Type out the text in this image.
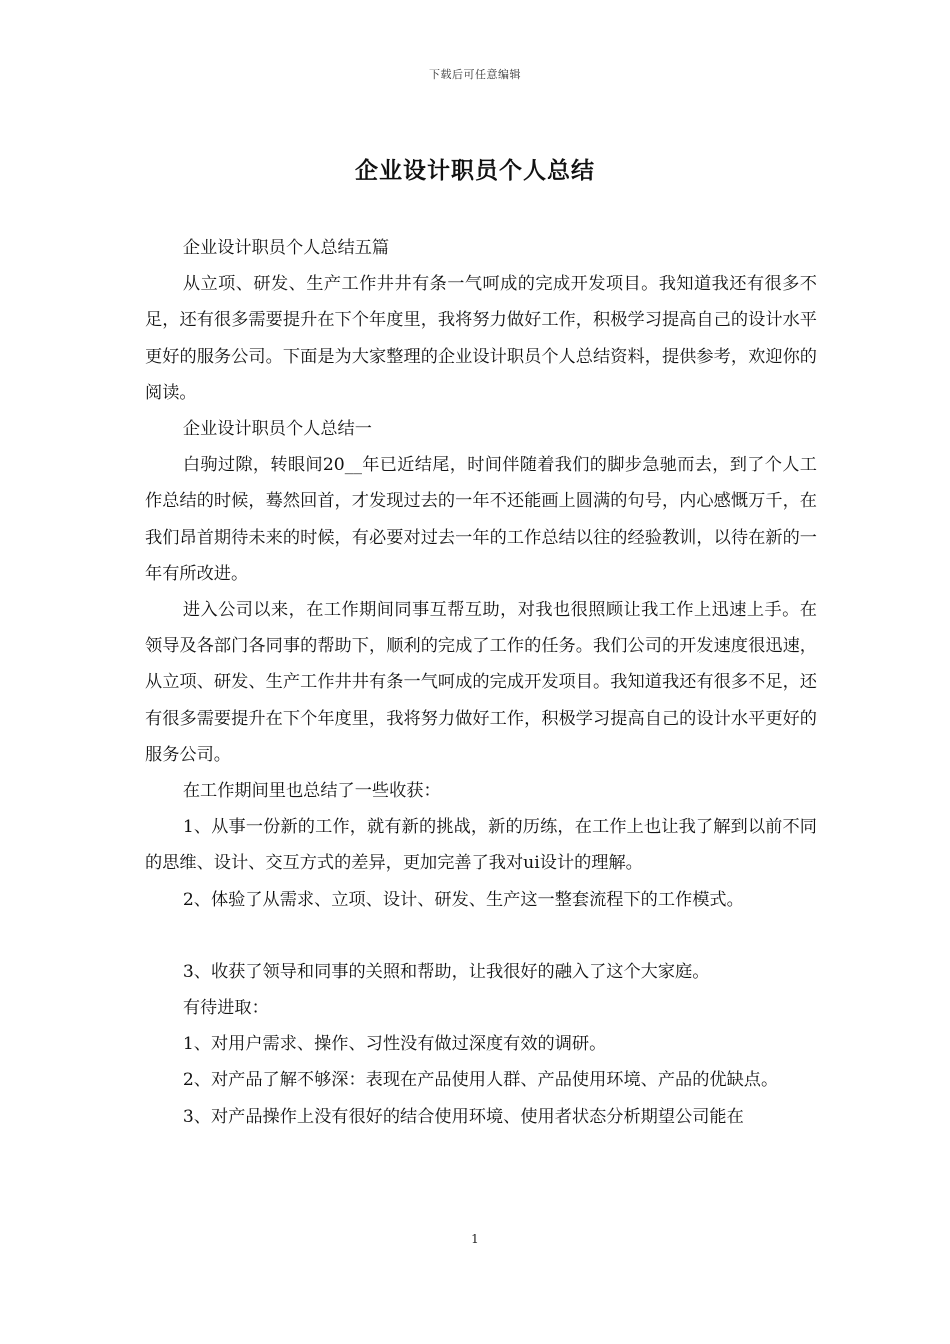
下载后可任意编辑
企业设计职员个人总结

企业设计职员个人总结五篇

从立项、研发、生产工作井井有条一气呵成的完成开发项目。我知道我还有很多不足，还有很多需要提升在下个年度里，我将努力做好工作，积极学习提高自己的设计水平更好的服务公司。下面是为大家整理的企业设计职员个人总结资料，提供参考，欢迎你的阅读。

企业设计职员个人总结一

白驹过隙，转眼间20__年已近结尾，时间伴随着我们的脚步急驰而去，到了个人工作总结的时候，蓦然回首，才发现过去的一年不还能画上圆满的句号，内心感慨万千，在我们昂首期待未来的时候，有必要对过去一年的工作总结以往的经验教训，以待在新的一年有所改进。

进入公司以来，在工作期间同事互帮互助，对我也很照顾让我工作上迅速上手。在领导及各部门各同事的帮助下，顺利的完成了工作的任务。我们公司的开发速度很迅速，从立项、研发、生产工作井井有条一气呵成的完成开发项目。我知道我还有很多不足，还有很多需要提升在下个年度里，我将努力做好工作，积极学习提高自己的设计水平更好的服务公司。

在工作期间里也总结了一些收获：

1、从事一份新的工作，就有新的挑战，新的历练，在工作上也让我了解到以前不同的思维、设计、交互方式的差异，更加完善了我对ui设计的理解。

2、体验了从需求、立项、设计、研发、生产这一整套流程下的工作模式。

3、收获了领导和同事的关照和帮助，让我很好的融入了这个大家庭。

有待进取：

1、对用户需求、操作、习性没有做过深度有效的调研。

2、对产品了解不够深：表现在产品使用人群、产品使用环境、产品的优缺点。

3、对产品操作上没有很好的结合使用环境、使用者状态分析期望公司能在

1
